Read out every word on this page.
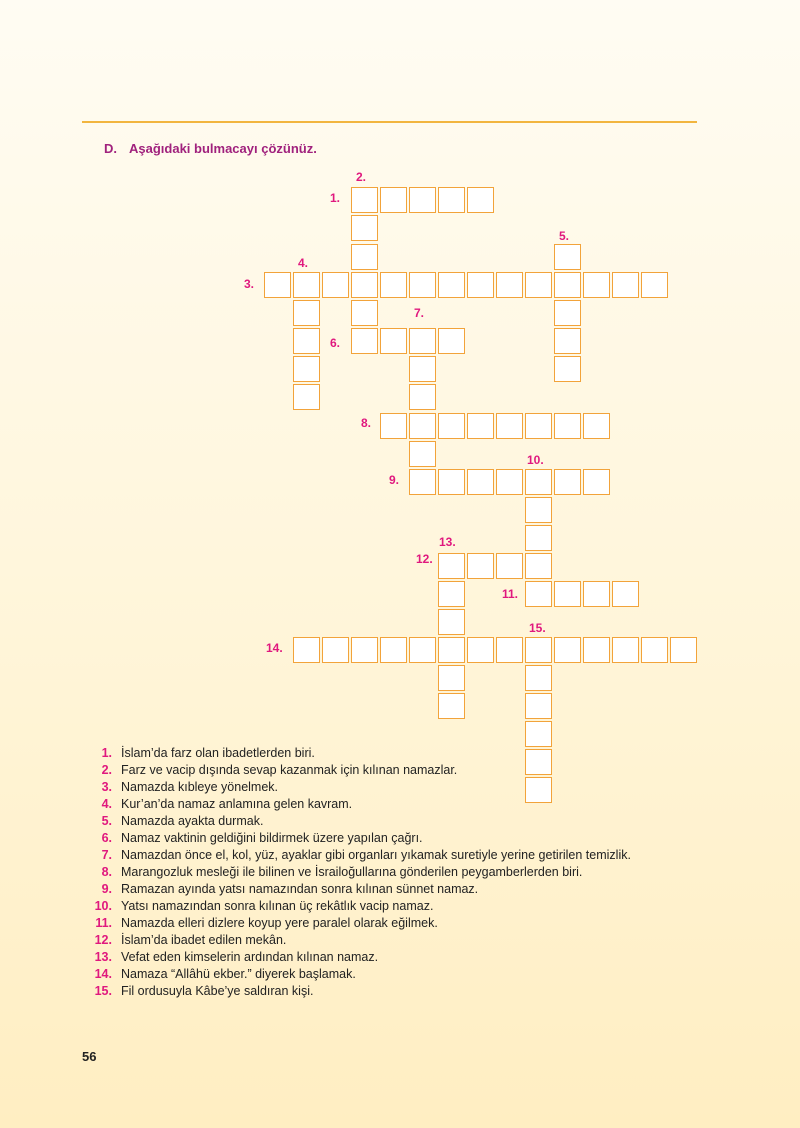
D. Aşağıdaki bulmacayı çözünüz.
1.
2.
3.
4.
5.
6.
7.
8.
9.
10.
11.
12.
13.
14.
15.
1. İslam’da farz olan ibadetlerden biri.
2. Farz ve vacip dışında sevap kazanmak için kılınan namazlar.
3. Namazda kıbleye yönelmek.
4. Kur’an’da namaz anlamına gelen kavram.
5. Namazda ayakta durmak.
6. Namaz vaktinin geldiğini bildirmek üzere yapılan çağrı.
7. Namazdan önce el, kol, yüz, ayaklar gibi organları yıkamak suretiyle yerine getirilen temizlik.
8. Marangozluk mesleği ile bilinen ve İsrailoğullarına gönderilen peygamberlerden biri.
9. Ramazan ayında yatsı namazından sonra kılınan sünnet namaz.
10. Yatsı namazından sonra kılınan üç rekâtlık vacip namaz.
11. Namazda elleri dizlere koyup yere paralel olarak eğilmek.
12. İslam’da ibadet edilen mekân.
13. Vefat eden kimselerin ardından kılınan namaz.
14. Namaza “Allâhü ekber.” diyerek başlamak.
15. Fil ordusuyla Kâbe’ye saldıran kişi.
56
